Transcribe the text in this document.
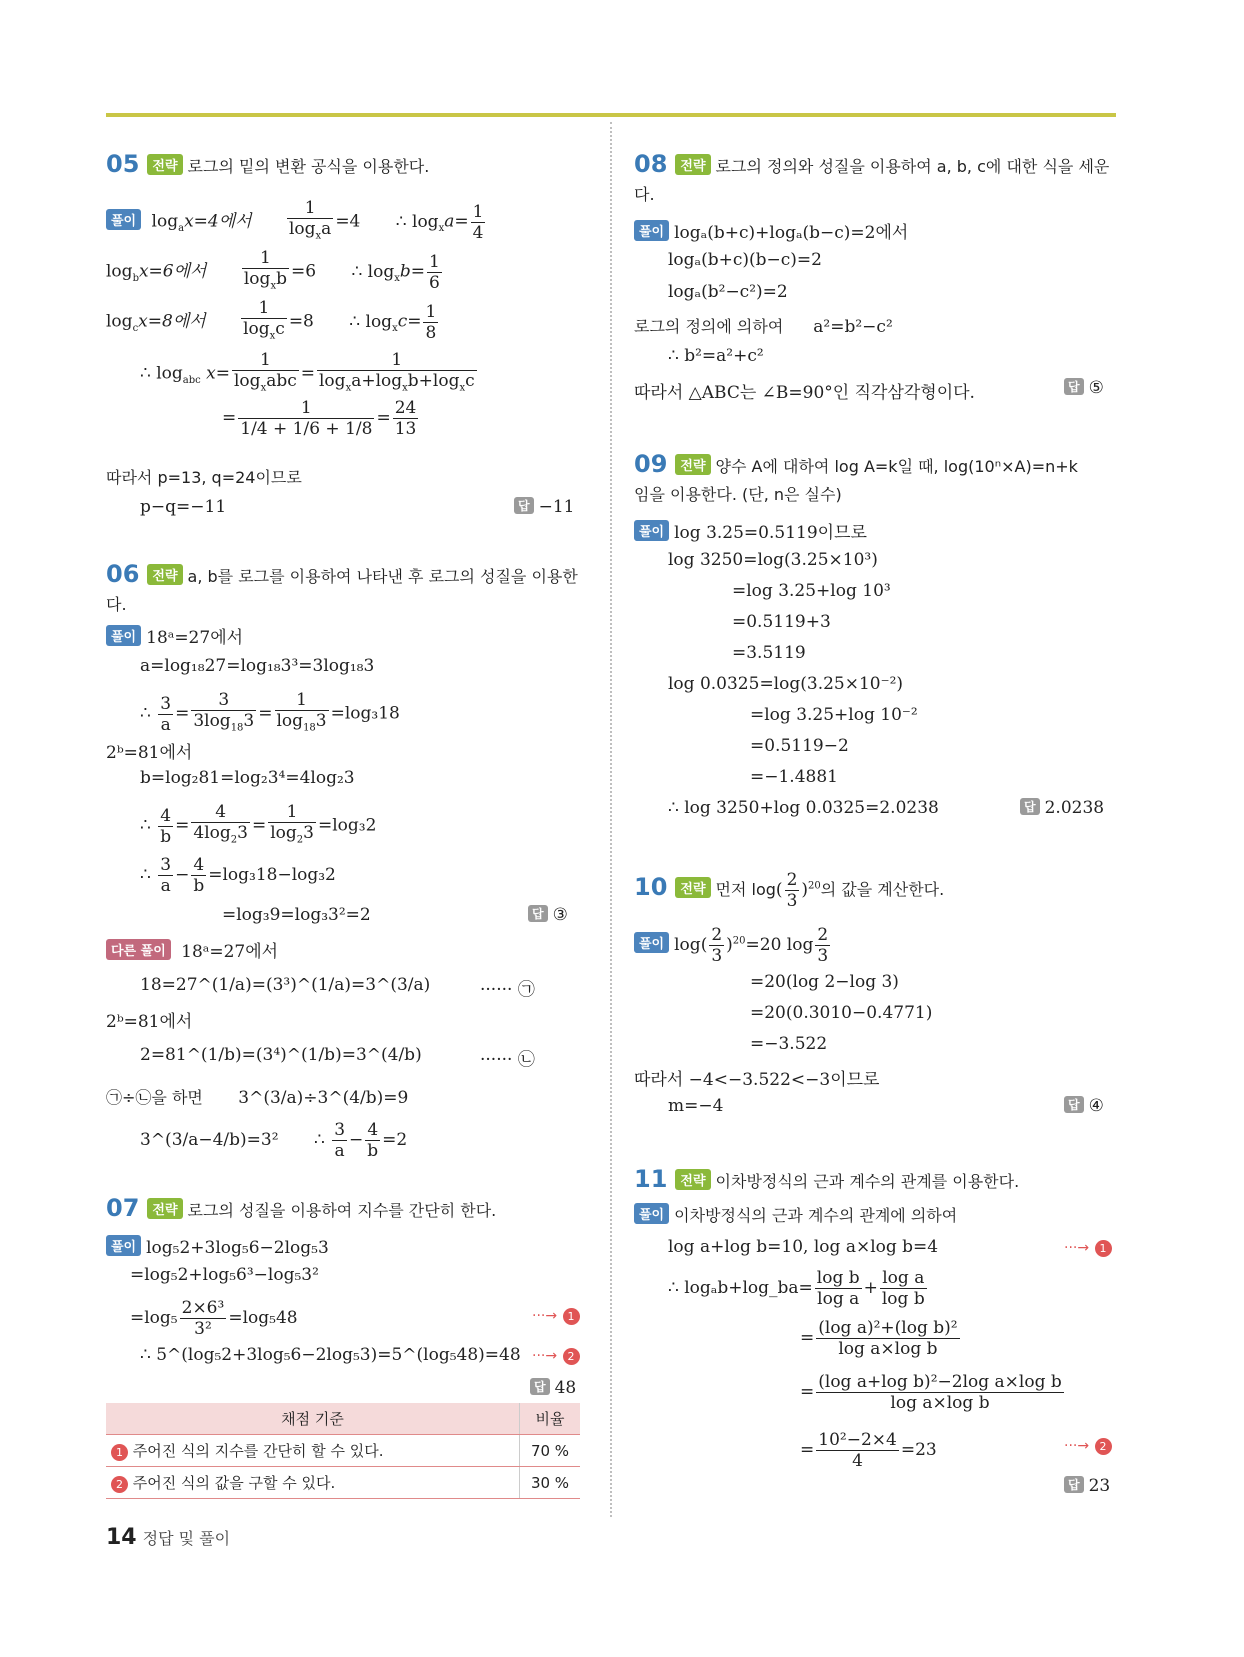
05 전략 로그의 밑의 변환 공식을 이용한다.
풀이 $\log_ax=4$에서 $\frac{1}{\log_xa} =4$ ∴ $\log_xa= \frac{1}{4}$
$\log_bx=6$에서 $\frac{1}{\log_xb} =6$ ∴ $\log_xb= \frac{1}{6}$
$\log_cx=8$에서 $\frac{1}{\log_xc} =8$ ∴ $\log_xc= \frac{1}{8}$
∴ $\log_{abc} x= \frac{1}{\log_xabc} = \frac{1}{\log_xa+\log_xb+\log_xc}$
= $\frac{1}{1/4 + 1/6 + 1/8} = \frac{24}{13}$
따라서 p=13, q=24이므로
p−q=−11	답 −11
06 전략 a, b를 로그를 이용하여 나타낸 후 로그의 성질을 이용한
다.
풀이 18ᵃ=27에서
a=log₁₈27=log₁₈3³=3log₁₈3
∴ $\frac{3}{a} = \frac{3}{3\log_{18}3} = \frac{1}{\log_{18}3} =\log_318$
2ᵇ=81에서
b=log₂81=log₂3⁴=4log₂3
∴ $\frac{4}{b} = \frac{4}{4\log_23} = \frac{1}{\log_23} =\log_32$
∴ $\frac{3}{a} - \frac{4}{b} =\log_318-\log_32$
=log₃9=log₃3²=2	답 ③
다른 풀이 18ᵃ=27에서
18=27^(1/a)=(3³)^(1/a)=3^(3/a)	······ ㉠
2ᵇ=81에서
2=81^(1/b)=(3⁴)^(1/b)=3^(4/b)	······ ㉡
㉠÷㉡을 하면 3^(3/a)÷3^(4/b)=9
3^(3/a−4/b)=3² ∴ $\frac{3}{a} - \frac{4}{b} =2$
07 전략 로그의 성질을 이용하여 지수를 간단히 한다.
풀이 log₅2+3log₅6−2log₅3
=log₅2+log₅6³−log₅3²
$=\log_5 \frac{\text{2×6³}}{\text{3²}} =\log_548$	···→ 1
∴ 5^(log₅2+3log₅6−2log₅3)=5^(log₅48)=48 ···→ 2
답 48
채점 기준	비율
1 주어진 식의 지수를 간단히 할 수 있다.	70 %
2 주어진 식의 값을 구할 수 있다.	30 %
08 전략 로그의 정의와 성질을 이용하여 a, b, c에 대한 식을 세운
다.
풀이 logₐ(b+c)+logₐ(b−c)=2에서
logₐ(b+c)(b−c)=2
logₐ(b²−c²)=2
로그의 정의에 의하여 a²=b²−c²
∴ b²=a²+c²
따라서 △ABC는 ∠B=90°인 직각삼각형이다.	답 ⑤
09 전략 양수 A에 대하여 log A=k일 때, log(10ⁿ×A)=n+k
임을 이용한다. (단, n은 실수)
풀이 log 3.25=0.5119이므로
log 3250=log(3.25×10³)
=log 3.25+log 10³
=0.5119+3
=3.5119
log 0.0325=log(3.25×10⁻²)
=log 3.25+log 10⁻²
=0.5119−2
=−1.4881
∴ log 3250+log 0.0325=2.0238	답 2.0238
10 전략 먼저 $\log( \frac{2}{3} )^{20}$의 값을 계산한다.
풀이 $\log( \frac{2}{3} )^{20}=20$ $\log \frac{2}{3}$
=20(log 2−log 3)
=20(0.3010−0.4771)
=−3.522
따라서 −4<−3.522<−3이므로
m=−4	답 ④
11 전략 이차방정식의 근과 계수의 관계를 이용한다.
풀이 이차방정식의 근과 계수의 관계에 의하여
log a+log b=10, log a×log b=4	···→ 1
∴ logₐb+log_ba= $\frac{\text{log b}}{\text{log a}} + \frac{\text{log a}}{\text{log b}}$
= $\frac{\text{(log a)²+(log b)²}}{\text{log a×log b}}$
= $\frac{\text{(log a+log b)²−2log a×log b}}{\text{log a×log b}}$
= $\frac{\text{10²−2×4}}{4} =23$	···→ 2
답 23
14 정답 및 풀이
